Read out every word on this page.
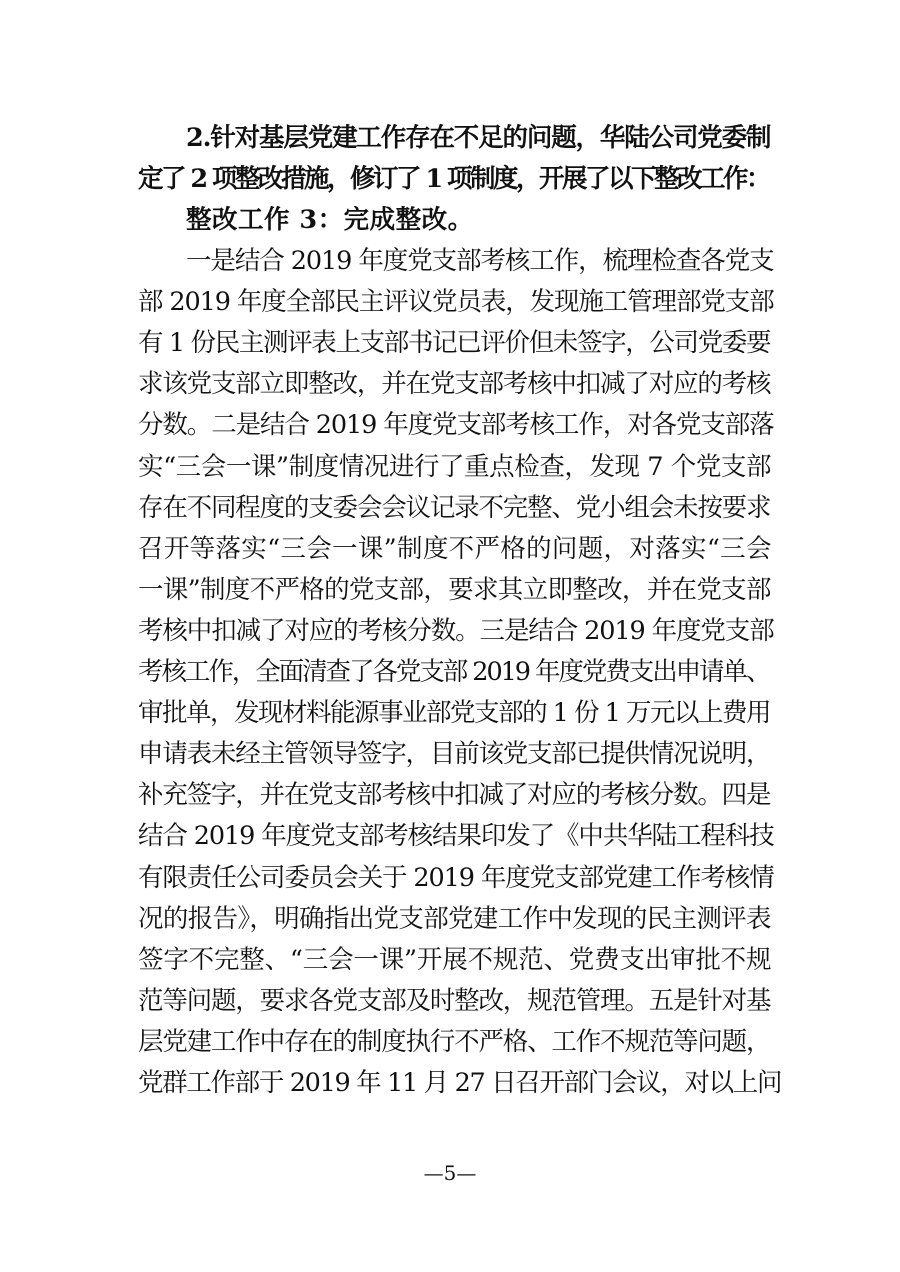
2.针对基层党建工作存在不足的问题，华陆公司党委制
定了 2 项整改措施，修订了 1 项制度，开展了以下整改工作：
整改工作 3：完成整改。
一是结合 2019 年度党支部考核工作，梳理检查各党支
部 2019 年度全部民主评议党员表，发现施工管理部党支部
有 1 份民主测评表上支部书记已评价但未签字，公司党委要
求该党支部立即整改，并在党支部考核中扣减了对应的考核
分数。二是结合 2019 年度党支部考核工作，对各党支部落
实“三会一课”制度情况进行了重点检查，发现 7 个党支部
存在不同程度的支委会会议记录不完整、党小组会未按要求
召开等落实“三会一课”制度不严格的问题，对落实“三会
一课”制度不严格的党支部，要求其立即整改，并在党支部
考核中扣减了对应的考核分数。三是结合 2019 年度党支部
考核工作，全面清查了各党支部 2019 年度党费支出申请单、
审批单，发现材料能源事业部党支部的 1 份 1 万元以上费用
申请表未经主管领导签字，目前该党支部已提供情况说明，
补充签字，并在党支部考核中扣减了对应的考核分数。四是
结合 2019 年度党支部考核结果印发了《中共华陆工程科技
有限责任公司委员会关于 2019 年度党支部党建工作考核情
况的报告》，明确指出党支部党建工作中发现的民主测评表
签字不完整、“三会一课”开展不规范、党费支出审批不规
范等问题，要求各党支部及时整改，规范管理。五是针对基
层党建工作中存在的制度执行不严格、工作不规范等问题，
党群工作部于 2019 年 11 月 27 日召开部门会议，对以上问
—5—
